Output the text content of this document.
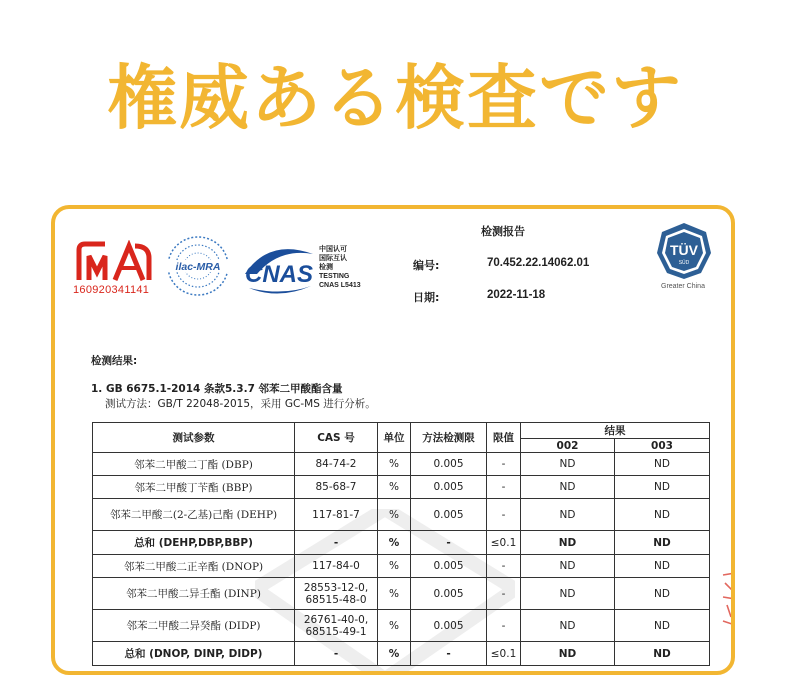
権威ある検査です
160920341141
ilac-MRA CNAS
中国认可
国际互认
检测
TESTING
CNAS L5413
检测报告
编号:	70.452.22.14062.01
日期:	2022-11-18
TÜV
SÜD
Greater China
检测结果:
1. GB 6675.1-2014 条款5.3.7 邻苯二甲酸酯含量
测试方法：GB/T 22048-2015，采用 GC-MS 进行分析。
测试参数	CAS 号	单位	方法检测限	限值	结果	
					002	003
邻苯二甲酸二丁酯 (DBP)	84-74-2	%	0.005	-	ND	ND
邻苯二甲酸丁苄酯 (BBP)	85-68-7	%	0.005	-	ND	ND
邻苯二甲酸二(2-乙基)己酯 (DEHP)	117-81-7	%	0.005	-	ND	ND
总和 (DEHP,DBP,BBP)	-	%	-	≤0.1	ND	ND
邻苯二甲酸二正辛酯 (DNOP)	117-84-0	%	0.005	-	ND	ND
邻苯二甲酸二异壬酯 (DINP)	28553-12-0,
68515-48-0	%	0.005	-	ND	ND
邻苯二甲酸二异癸酯 (DIDP)	26761-40-0,
68515-49-1	%	0.005	-	ND	ND
总和 (DNOP, DINP, DIDP)	-	%	-	≤0.1	ND	ND
